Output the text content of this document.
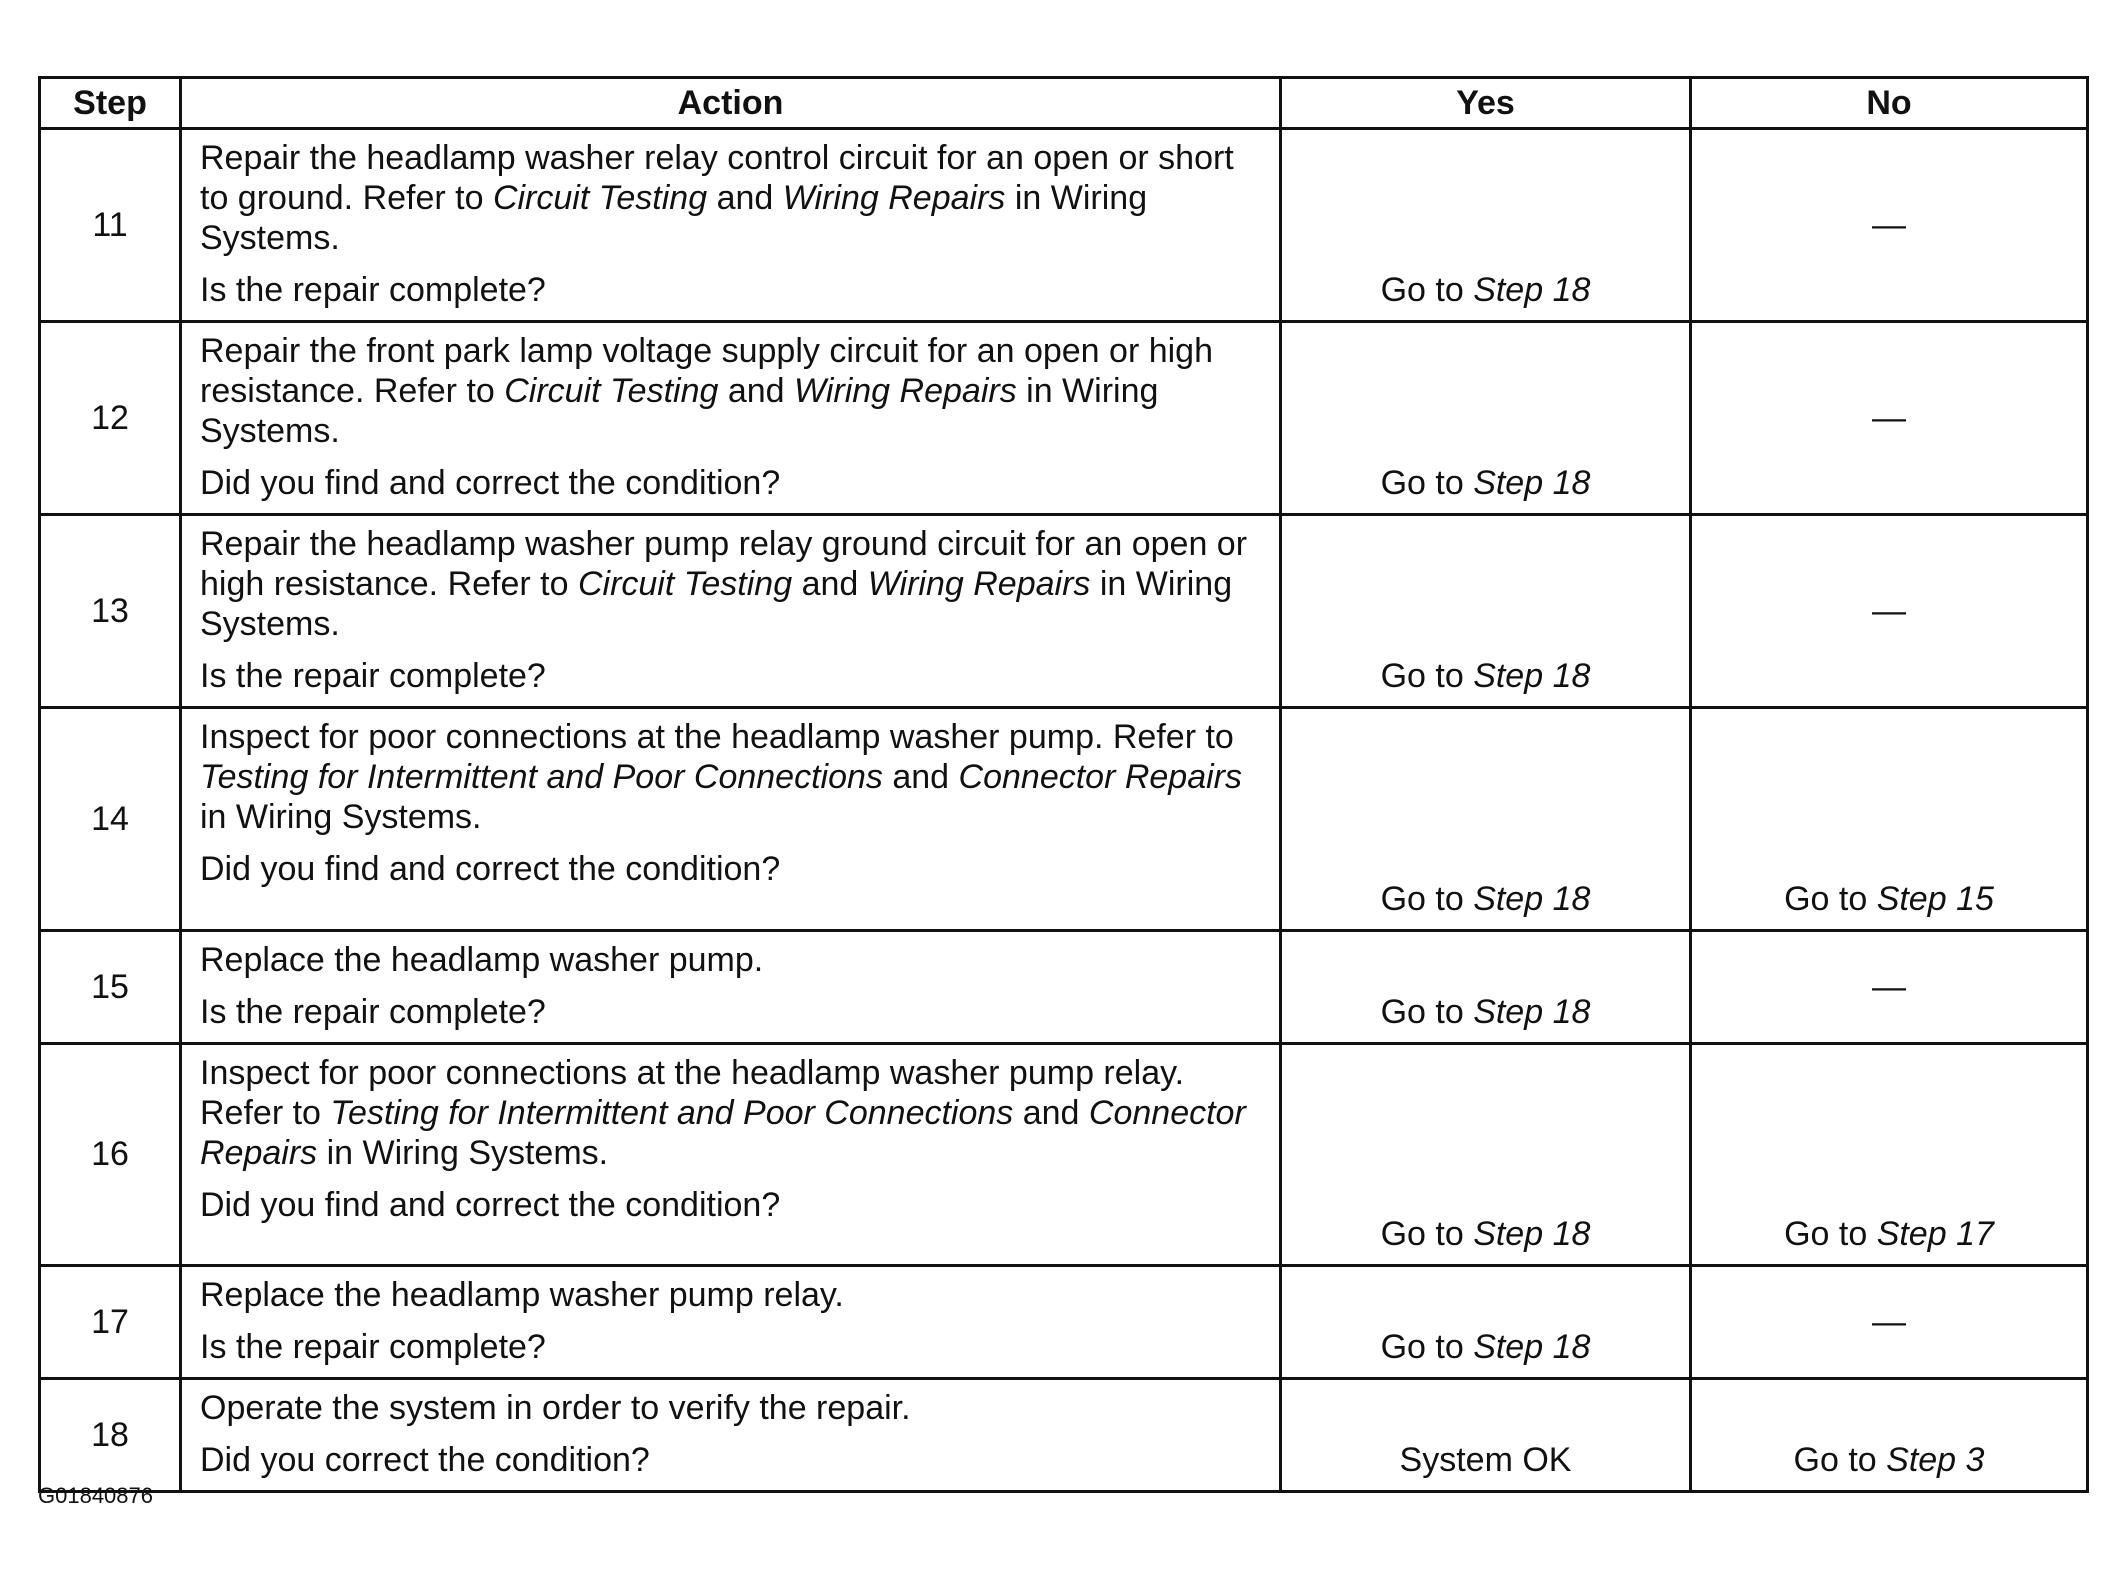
Step	Action	Yes	No
11	Repair the headlamp washer relay control circuit for an open or short to ground. Refer to Circuit Testing and Wiring Repairs in Wiring Systems.

Is the repair complete?	Go to Step 18	—
12	Repair the front park lamp voltage supply circuit for an open or high resistance. Refer to Circuit Testing and Wiring Repairs in Wiring Systems.

Did you find and correct the condition?	Go to Step 18	—
13	Repair the headlamp washer pump relay ground circuit for an open or high resistance. Refer to Circuit Testing and Wiring Repairs in Wiring Systems.

Is the repair complete?	Go to Step 18	—
14	Inspect for poor connections at the headlamp washer pump. Refer to Testing for Intermittent and Poor Connections and Connector Repairs in Wiring Systems.

Did you find and correct the condition?	Go to Step 18	Go to Step 15
15	Replace the headlamp washer pump.

Is the repair complete?	Go to Step 18	—
16	Inspect for poor connections at the headlamp washer pump relay. Refer to Testing for Intermittent and Poor Connections and Connector Repairs in Wiring Systems.

Did you find and correct the condition?	Go to Step 18	Go to Step 17
17	Replace the headlamp washer pump relay.

Is the repair complete?	Go to Step 18	—
18	Operate the system in order to verify the repair.

Did you correct the condition?	System OK	Go to Step 3
G01840876
